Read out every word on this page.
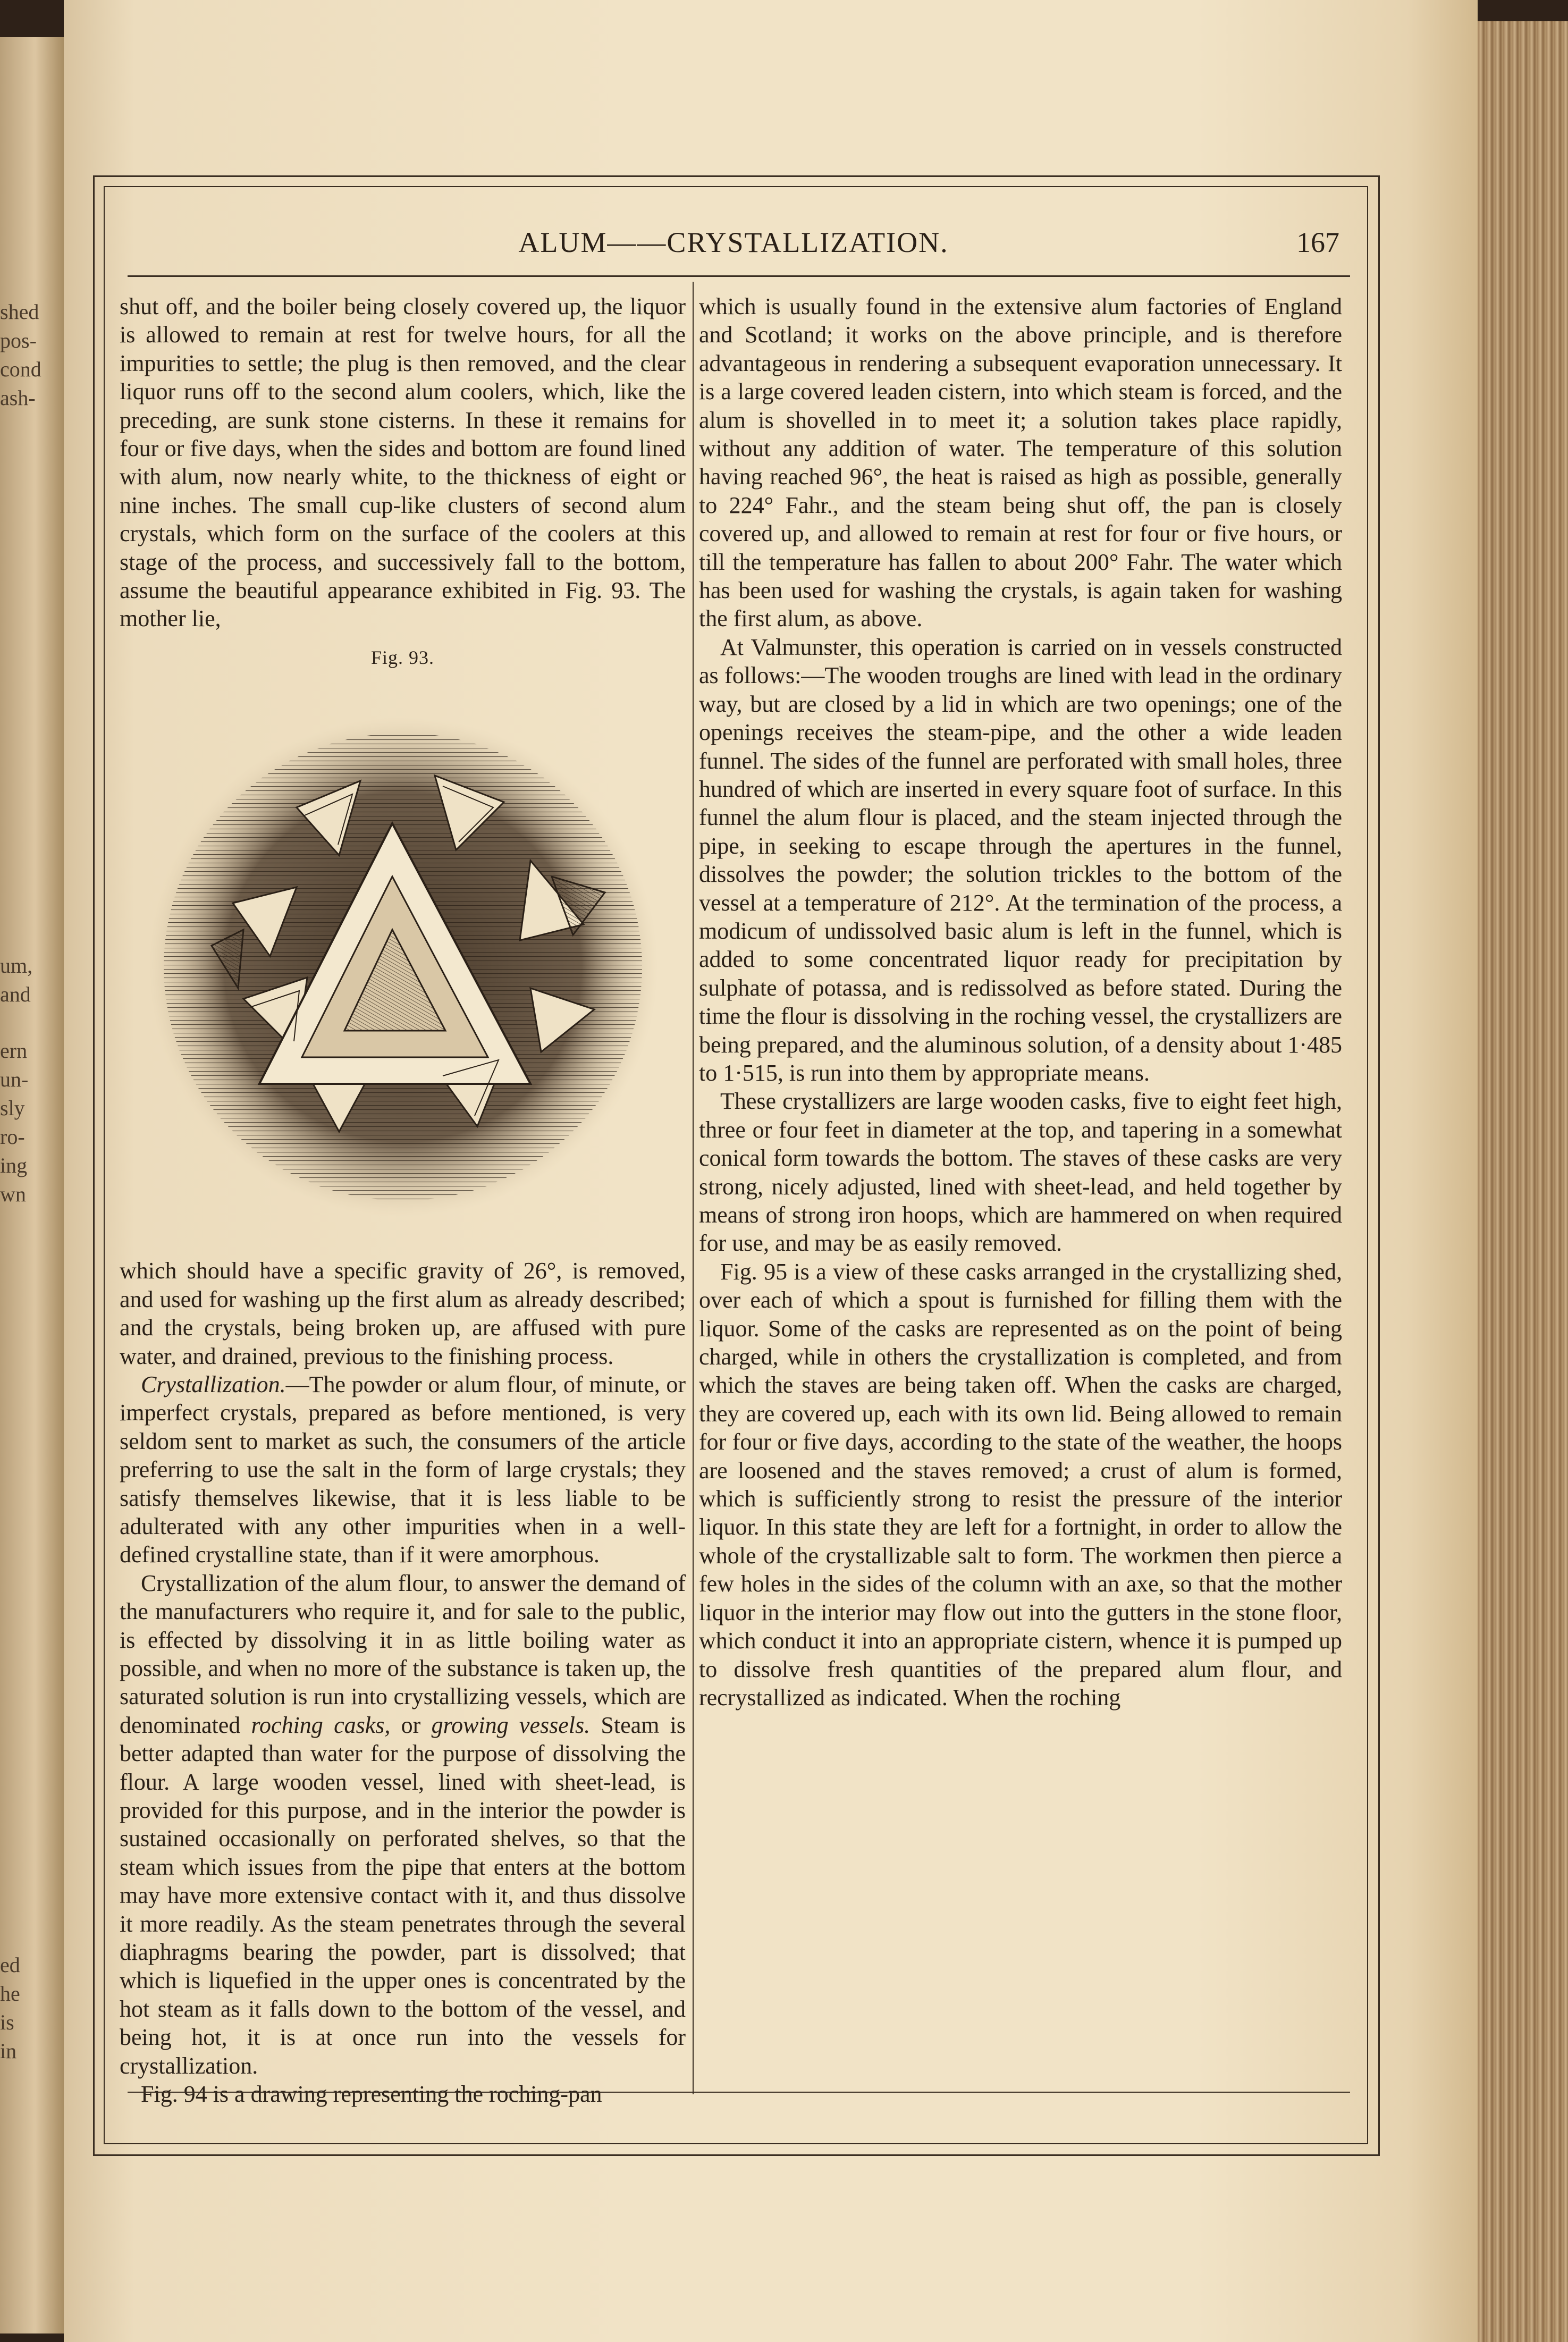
shed
pos-
cond
ash-
um,
and
ern
un-
sly
ro-
ing
wn
ed
he
is
in
ALUM——CRYSTALLIZATION.	167

shut off, and the boiler being closely covered up, the liquor is allowed to remain at rest for twelve hours, for all the impurities to settle; the plug is then removed, and the clear liquor runs off to the second alum coolers, which, like the preceding, are sunk stone cisterns. In these it remains for four or five days, when the sides and bottom are found lined with alum, now nearly white, to the thickness of eight or nine inches. The small cup-like clusters of second alum crystals, which form on the surface of the coolers at this stage of the process, and successively fall to the bottom, assume the beautiful appearance exhibited in Fig. 93. The mother lie,

Fig. 93.

which should have a specific gravity of 26°, is removed, and used for washing up the first alum as already described; and the crystals, being broken up, are affused with pure water, and drained, previous to the finishing process.

Crystallization.—The powder or alum flour, of minute, or imperfect crystals, prepared as before mentioned, is very seldom sent to market as such, the consumers of the article preferring to use the salt in the form of large crystals; they satisfy themselves likewise, that it is less liable to be adulterated with any other impurities when in a well-defined crystalline state, than if it were amorphous.

Crystallization of the alum flour, to answer the demand of the manufacturers who require it, and for sale to the public, is effected by dissolving it in as little boiling water as possible, and when no more of the substance is taken up, the saturated solution is run into crystallizing vessels, which are denominated roching casks, or growing vessels. Steam is better adapted than water for the purpose of dissolving the flour. A large wooden vessel, lined with sheet-lead, is provided for this purpose, and in the interior the powder is sustained occasionally on perforated shelves, so that the steam which issues from the pipe that enters at the bottom may have more extensive contact with it, and thus dissolve it more readily. As the steam penetrates through the several diaphragms bearing the powder, part is dissolved; that which is liquefied in the upper ones is concentrated by the hot steam as it falls down to the bottom of the vessel, and being hot, it is at once run into the vessels for crystallization.

Fig. 94 is a drawing representing the roching-pan

which is usually found in the extensive alum factories of England and Scotland; it works on the above principle, and is therefore advantageous in rendering a subsequent evaporation unnecessary. It is a large covered leaden cistern, into which steam is forced, and the alum is shovelled in to meet it; a solution takes place rapidly, without any addition of water. The temperature of this solution having reached 96°, the heat is raised as high as possible, generally to 224° Fahr., and the steam being shut off, the pan is closely covered up, and allowed to remain at rest for four or five hours, or till the temperature has fallen to about 200° Fahr. The water which has been used for washing the crystals, is again taken for washing the first alum, as above.

At Valmunster, this operation is carried on in vessels constructed as follows:—The wooden troughs are lined with lead in the ordinary way, but are closed by a lid in which are two openings; one of the openings receives the steam-pipe, and the other a wide leaden funnel. The sides of the funnel are perforated with small holes, three hundred of which are inserted in every square foot of surface. In this funnel the alum flour is placed, and the steam injected through the pipe, in seeking to escape through the apertures in the funnel, dissolves the powder; the solution trickles to the bottom of the vessel at a temperature of 212°. At the termination of the process, a modicum of undissolved basic alum is left in the funnel, which is added to some concentrated liquor ready for precipitation by sulphate of potassa, and is redissolved as before stated. During the time the flour is dissolving in the roching vessel, the crystallizers are being prepared, and the aluminous solution, of a density about 1·485 to 1·515, is run into them by appropriate means.

These crystallizers are large wooden casks, five to eight feet high, three or four feet in diameter at the top, and tapering in a somewhat conical form towards the bottom. The staves of these casks are very strong, nicely adjusted, lined with sheet-lead, and held together by means of strong iron hoops, which are hammered on when required for use, and may be as easily removed.

Fig. 95 is a view of these casks arranged in the crystallizing shed, over each of which a spout is furnished for filling them with the liquor. Some of the casks are represented as on the point of being charged, while in others the crystallization is completed, and from which the staves are being taken off. When the casks are charged, they are covered up, each with its own lid. Being allowed to remain for four or five days, according to the state of the weather, the hoops are loosened and the staves removed; a crust of alum is formed, which is sufficiently strong to resist the pressure of the interior liquor. In this state they are left for a fortnight, in order to allow the whole of the crystallizable salt to form. The workmen then pierce a few holes in the sides of the column with an axe, so that the mother liquor in the interior may flow out into the gutters in the stone floor, which conduct it into an appropriate cistern, whence it is pumped up to dissolve fresh quantities of the prepared alum flour, and recrystallized as indicated. When the roching
